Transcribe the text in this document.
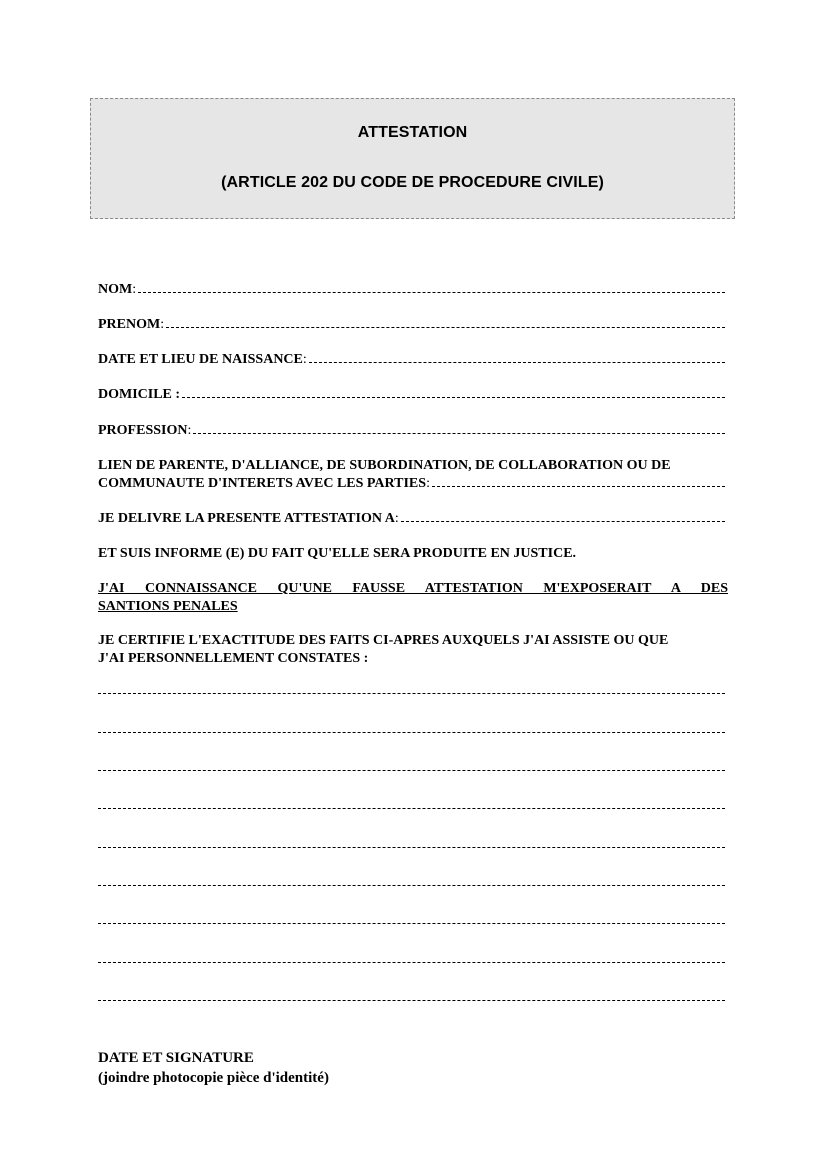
ATTESTATION
(ARTICLE 202 DU CODE DE PROCEDURE CIVILE)
NOM :
PRENOM :
DATE ET LIEU DE NAISSANCE :
DOMICILE :
PROFESSION :
LIEN DE PARENTE, D'ALLIANCE, DE SUBORDINATION, DE COLLABORATION OU DE
COMMUNAUTE D'INTERETS AVEC LES PARTIES :
JE DELIVRE LA PRESENTE ATTESTATION A :
ET SUIS INFORME (E) DU FAIT QU'ELLE SERA PRODUITE EN JUSTICE.
J'AI CONNAISSANCE QU'UNE FAUSSE ATTESTATION M'EXPOSERAIT A DES
SANTIONS PENALES
JE CERTIFIE L'EXACTITUDE DES FAITS CI-APRES AUXQUELS J'AI ASSISTE OU QUE
J'AI PERSONNELLEMENT CONSTATES :
DATE ET SIGNATURE
(joindre photocopie pièce d'identité)
